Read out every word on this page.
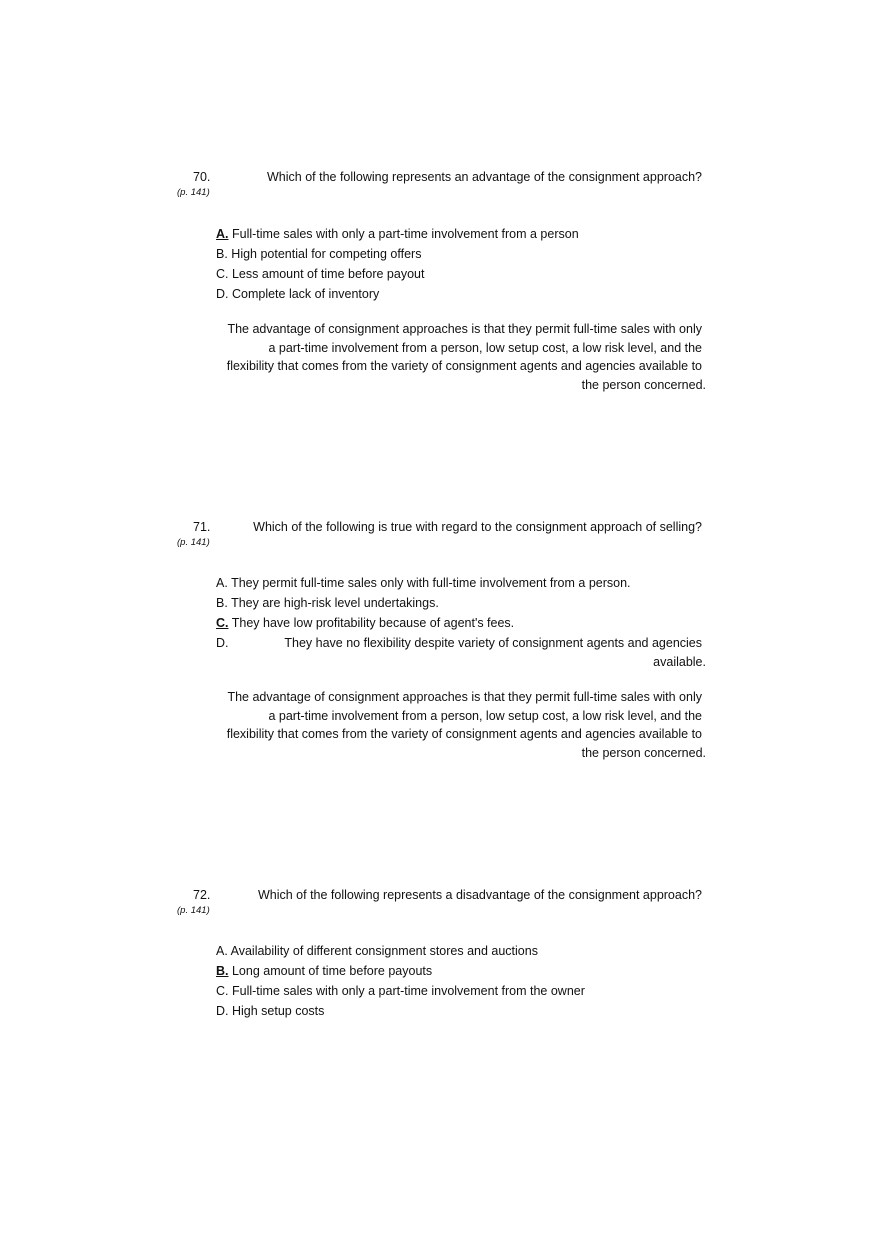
70.
(p. 141)
Which of the following represents an advantage of the consignment approach?
A. Full-time sales with only a part-time involvement from a person
B. High potential for competing offers
C. Less amount of time before payout
D. Complete lack of inventory
The advantage of consignment approaches is that they permit full-time sales with only
a part-time involvement from a person, low setup cost, a low risk level, and the
flexibility that comes from the variety of consignment agents and agencies available to
the person concerned.
71.
(p. 141)
Which of the following is true with regard to the consignment approach of selling?
A. They permit full-time sales only with full-time involvement from a person.
B. They are high-risk level undertakings.
C. They have low profitability because of agent's fees.
D.	They have no flexibility despite variety of consignment agents and agencies
available.
The advantage of consignment approaches is that they permit full-time sales with only
a part-time involvement from a person, low setup cost, a low risk level, and the
flexibility that comes from the variety of consignment agents and agencies available to
the person concerned.
72.
(p. 141)
Which of the following represents a disadvantage of the consignment approach?
A. Availability of different consignment stores and auctions
B. Long amount of time before payouts
C. Full-time sales with only a part-time involvement from the owner
D. High setup costs
